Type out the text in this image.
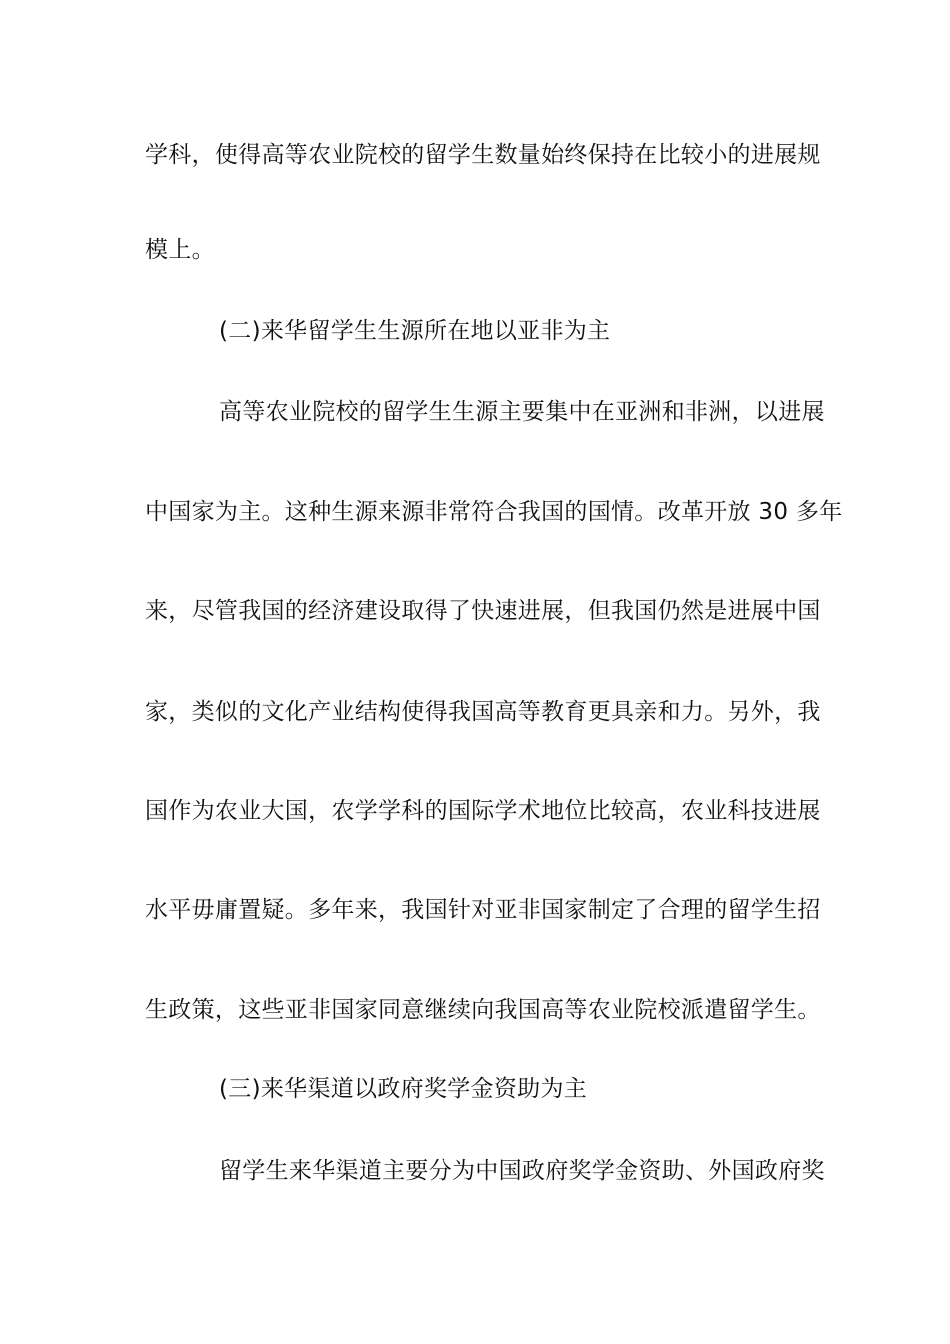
学科，使得高等农业院校的留学生数量始终保持在比较小的进展规
模上。
(二)来华留学生生源所在地以亚非为主
高等农业院校的留学生生源主要集中在亚洲和非洲，以进展
中国家为主。这种生源来源非常符合我国的国情。改革开放 30 多年
来，尽管我国的经济建设取得了快速进展，但我国仍然是进展中国
家，类似的文化产业结构使得我国高等教育更具亲和力。另外，我
国作为农业大国，农学学科的国际学术地位比较高，农业科技进展
水平毋庸置疑。多年来，我国针对亚非国家制定了合理的留学生招
生政策，这些亚非国家同意继续向我国高等农业院校派遣留学生。
(三)来华渠道以政府奖学金资助为主
留学生来华渠道主要分为中国政府奖学金资助、外国政府奖
